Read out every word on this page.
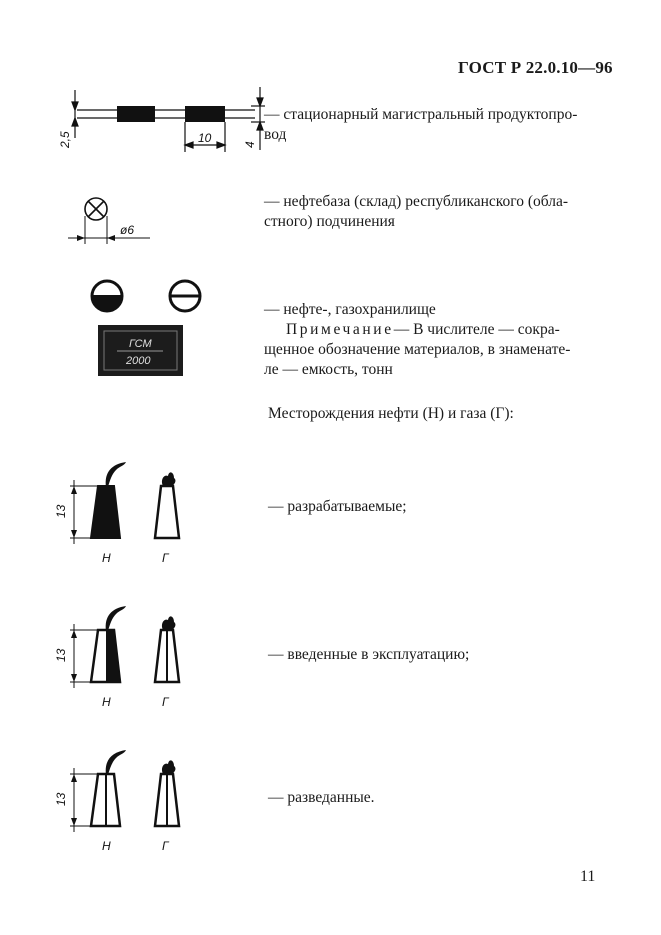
ГОСТ Р 22.0.10—96
10
2,5	4
— стационарный магистральный продуктопро-
вод
ø6
— нефтебаза (склад) республиканского (обла-
стного) подчинения
ГСМ
2000
— нефте-, газохранилище
Примечание— В числителе — сокра-
щенное обозначение материалов, в знаменате-
ле — емкость, тонн
Месторождения нефти (Н) и газа (Г):
13
Н	Г
— разрабатываемые;
13
Н	Г
— введенные в эксплуатацию;
13
Н	Г
— разведанные.
11
